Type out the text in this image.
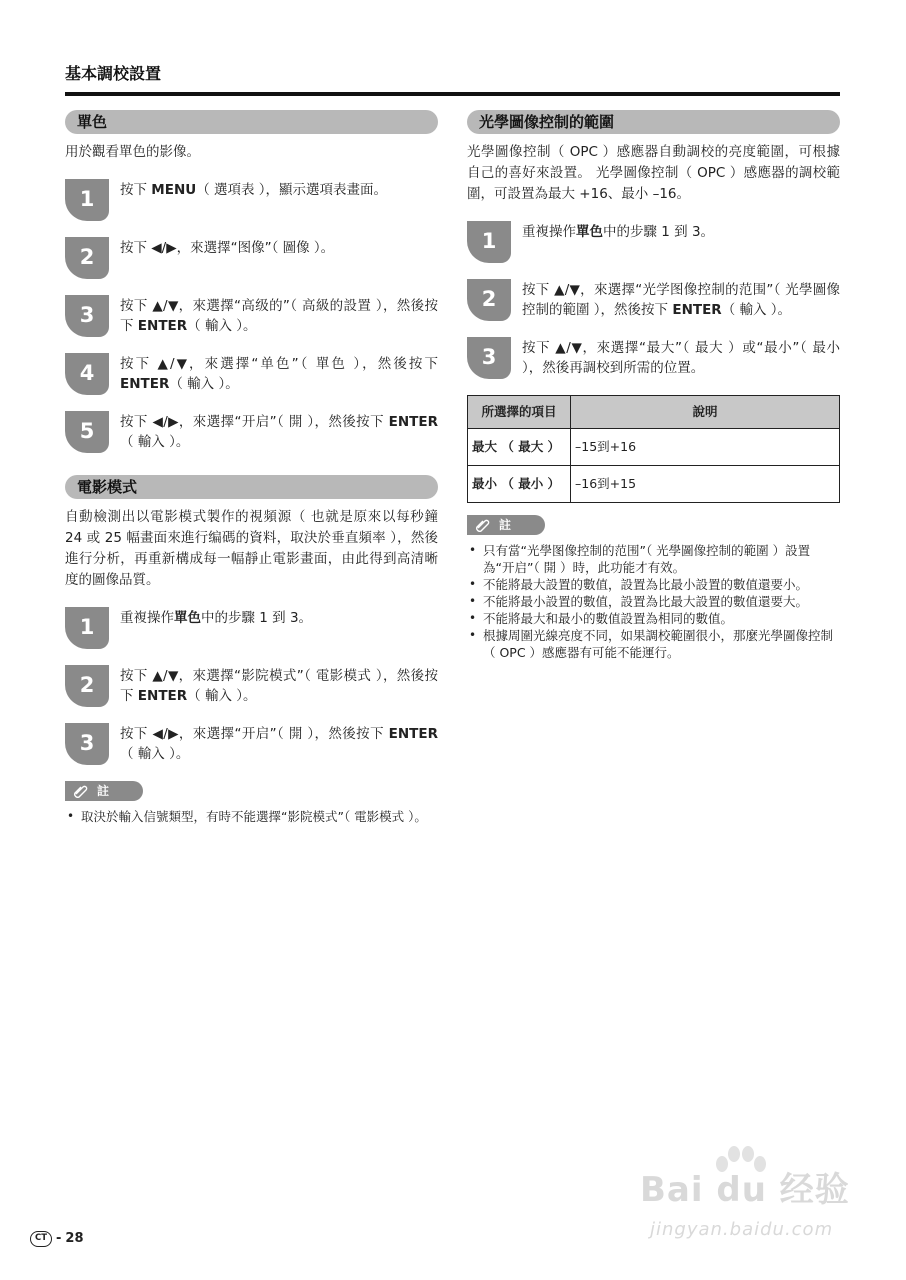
基本調校設置
單色
用於觀看單色的影像。
1	按下 MENU（ 選項表 ），顯示選項表畫面。
2	按下 ◀/▶，來選擇“图像”（ 圖像 ）。
3	按下 ▲/▼，來選擇“高级的”（ 高級的設置 ），然後按下 ENTER（ 輸入 ）。
4	按下 ▲/▼，來選擇“单色”（ 單色 ），然後按下 ENTER（ 輸入 ）。
5	按下 ◀/▶，來選擇“开启”（ 開 ），然後按下 ENTER（ 輸入 ）。
電影模式
自動檢測出以電影模式製作的視頻源（ 也就是原來以每秒鐘 24 或 25 幅畫面來進行编碼的資料，取決於垂直頻率 ），然後進行分析，再重新構成每一幅靜止電影畫面，由此得到高清晰度的圖像品質。
1	重複操作單色中的步驟 1 到 3。
2	按下 ▲/▼，來選擇“影院模式”（ 電影模式 ），然後按下 ENTER（ 輸入 ）。
3	按下 ◀/▶，來選擇“开启”（ 開 ），然後按下 ENTER（ 輸入 ）。
註
• 取決於輸入信號類型，有時不能選擇“影院模式”（ 電影模式 ）。
光學圖像控制的範圍
光學圖像控制（ OPC ）感應器自動調校的亮度範圍，可根據自己的喜好來設置。 光學圖像控制（ OPC ）感應器的調校範圍，可設置為最大 +16、最小 –16。
1	重複操作單色中的步驟 1 到 3。
2	按下 ▲/▼，來選擇“光学图像控制的范围”（ 光學圖像控制的範圍 ），然後按下 ENTER（ 輸入 ）。
3	按下 ▲/▼，來選擇“最大”（ 最大 ）或“最小”（ 最小 ），然後再調校到所需的位置。
所選擇的項目	說明
最大 （ 最大 ）	–15到+16
最小 （ 最小 ）	–16到+15
註
• 只有當“光學图像控制的范围”（ 光學圖像控制的範圍 ）設置為“开启”（ 開 ）時，此功能才有效。
• 不能將最大設置的數值，設置為比最小設置的數值還要小。
• 不能將最小設置的數值，設置為比最大設置的數值還要大。
• 不能將最大和最小的數值設置為相同的數值。
• 根據周圍光線亮度不同，如果調校範圍很小，那麼光學圖像控制（ OPC ）感應器有可能不能運行。
CT - 28
Bai du 经验
jingyan.baidu.com
